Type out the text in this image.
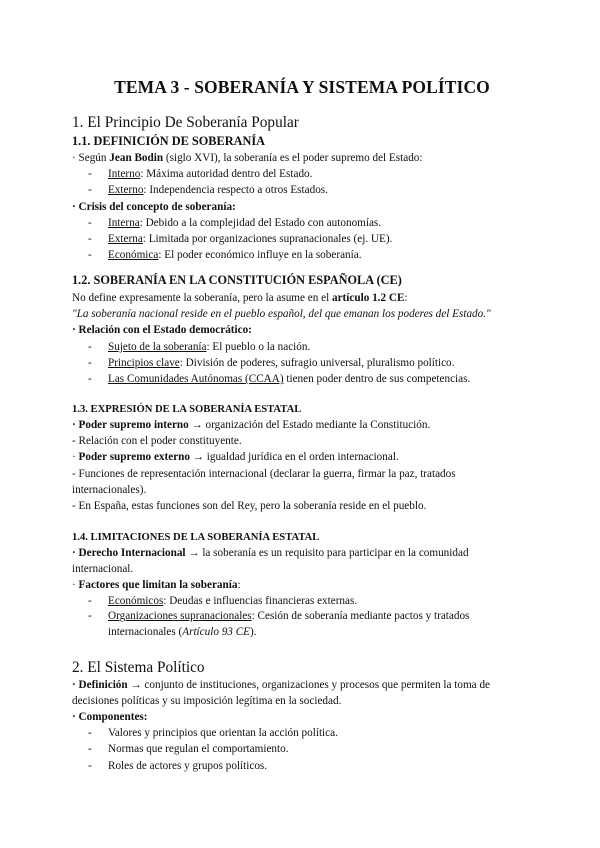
TEMA 3 - SOBERANÍA Y SISTEMA POLÍTICO
1. El Principio De Soberanía Popular
1.1. DEFINICIÓN DE SOBERANÍA
· Según Jean Bodin (siglo XVI), la soberanía es el poder supremo del Estado:
- Interno: Máxima autoridad dentro del Estado.
- Externo: Independencia respecto a otros Estados.
· Crisis del concepto de soberanía:
- Interna: Debido a la complejidad del Estado con autonomías.
- Externa: Limitada por organizaciones supranacionales (ej. UE).
- Económica: El poder económico influye en la soberanía.
1.2. SOBERANÍA EN LA CONSTITUCIÓN ESPAÑOLA (CE)
No define expresamente la soberanía, pero la asume en el artículo 1.2 CE:
"La soberanía nacional reside en el pueblo español, del que emanan los poderes del Estado."
· Relación con el Estado democrático:
- Sujeto de la soberanía: El pueblo o la nación.
- Principios clave: División de poderes, sufragio universal, pluralismo político.
- Las Comunidades Autónomas (CCAA) tienen poder dentro de sus competencias.
1.3. EXPRESIÓN DE LA SOBERANÍA ESTATAL
· Poder supremo interno → organización del Estado mediante la Constitución.
- Relación con el poder constituyente.
· Poder supremo externo → igualdad jurídica en el orden internacional.
- Funciones de representación internacional (declarar la guerra, firmar la paz, tratados internacionales).
- En España, estas funciones son del Rey, pero la soberanía reside en el pueblo.
1.4. LIMITACIONES DE LA SOBERANÍA ESTATAL
· Derecho Internacional → la soberanía es un requisito para participar en la comunidad internacional.
· Factores que limitan la soberanía:
- Económicos: Deudas e influencias financieras externas.
- Organizaciones supranacionales: Cesión de soberanía mediante pactos y tratados internacionales (Artículo 93 CE).
2. El Sistema Político
· Definición → conjunto de instituciones, organizaciones y procesos que permiten la toma de decisiones políticas y su imposición legítima en la sociedad.
· Componentes:
- Valores y principios que orientan la acción política.
- Normas que regulan el comportamiento.
- Roles de actores y grupos políticos.
